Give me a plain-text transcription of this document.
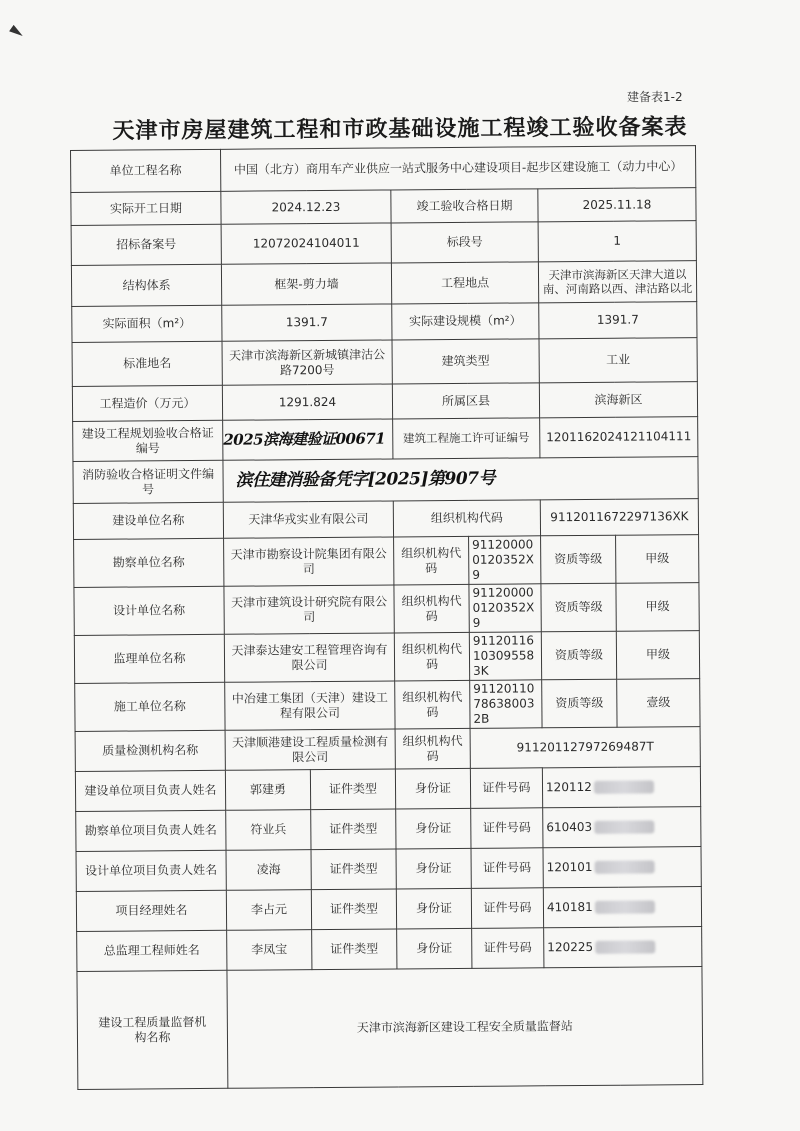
建备表1-2
天津市房屋建筑工程和市政基础设施工程竣工验收备案表
单位工程名称	中国（北方）商用车产业供应一站式服务中心建设项目-起步区建设施工（动力中心）					
实际开工日期	2024.12.23		竣工验收合格日期		2025.11.18	
招标备案号	12072024104011		标段号		1	
结构体系	框架-剪力墙		工程地点		天津市滨海新区天津大道以南、河南路以西、津沽路以北	
实际面积（m²）	1391.7		实际建设规模（m²）		1391.7	
标准地名	天津市滨海新区新城镇津沽公路7200号		建筑类型		工业	
工程造价（万元）	1291.824		所属区县		滨海新区	
建设工程规划验收合格证编号	2025滨海建验证00671		建筑工程施工许可证编号		120116202412110411​1	
消防验收合格证明文件编号	滨住建消验备凭字[2025]第907号					
建设单位名称	天津华戎实业有限公司		组织机构代码		9112011672297136XK	
勘察单位名称	天津市勘察设计院集团有限公司		组织机构代码	911200000120352X9	资质等级	甲级
设计单位名称	天津市建筑设计研究院有限公司		组织机构代码	911200000120352X9	资质等级	甲级
监理单位名称	天津泰达建安工程管理咨询有限公司		组织机构代码	91120116103095583K	资质等级	甲级
施工单位名称	中冶建工集团（天津）建设工程有限公司		组织机构代码	9112011078638003​2B	资质等级	壹级
质量检测机构名称	天津顺港建设工程质量检测有限公司		组织机构代码	91120112797269487T		
建设单位项目负责人姓名	郭建勇	证件类型	身份证	证件号码	120112	
勘察单位项目负责人姓名	符业兵	证件类型	身份证	证件号码	610403	
设计单位项目负责人姓名	凌海	证件类型	身份证	证件号码	120101	
项目经理姓名	李占元	证件类型	身份证	证件号码	410181	
总监理工程师姓名	李凤宝	证件类型	身份证	证件号码	120225	
建设工程质量监督机构名称	天津市滨海新区建设工程安全质量监督站					
